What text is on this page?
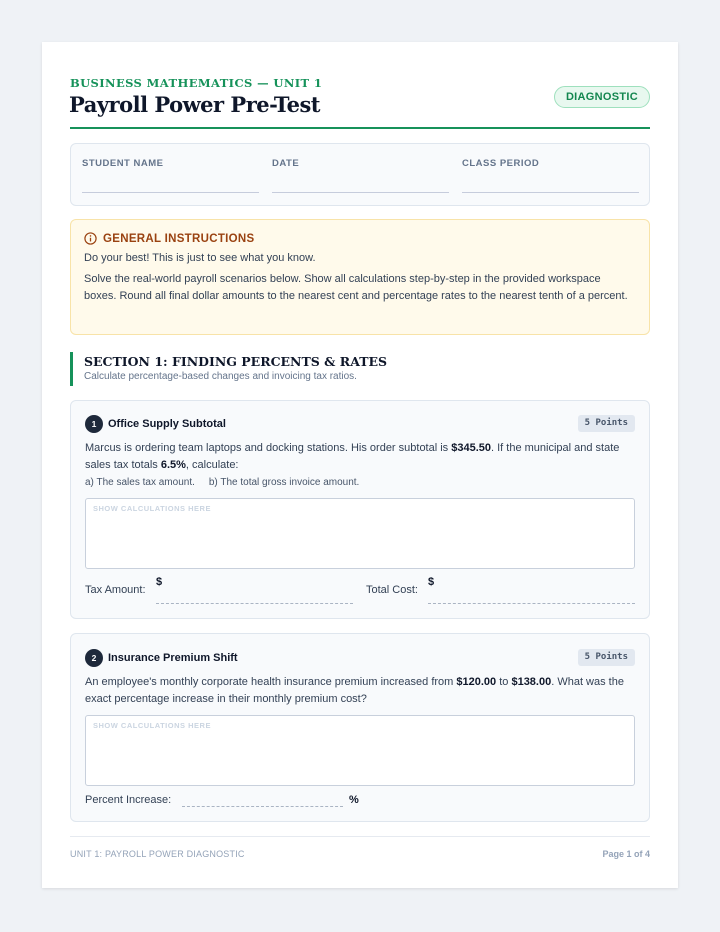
BUSINESS MATHEMATICS — UNIT 1
Payroll Power Pre-Test	DIAGNOSTIC
STUDENT NAME	DATE	CLASS PERIOD
GENERAL INSTRUCTIONS

Do your best! This is just to see what you know.

Solve the real-world payroll scenarios below. Show all calculations step-by-step in the provided workspace boxes. Round all final dollar amounts to the nearest cent and percentage rates to the nearest tenth of a percent.

SECTION 1: FINDING PERCENTS & RATES
Calculate percentage-based changes and invoicing tax ratios.
1	Office Supply Subtotal	5 Points
Marcus is ordering team laptops and docking stations. His order subtotal is $345.50. If the municipal and state sales tax totals 6.5%, calculate:
a) The sales tax amount. b) The total gross invoice amount.
SHOW CALCULATIONS HERE
Tax Amount:
$
Total Cost:
$
2	Insurance Premium Shift	5 Points
An employee's monthly corporate health insurance premium increased from $120.00 to $138.00. What was the exact percentage increase in their monthly premium cost?
SHOW CALCULATIONS HERE
Percent Increase:	%
UNIT 1: PAYROLL POWER DIAGNOSTIC	Page 1 of 4
